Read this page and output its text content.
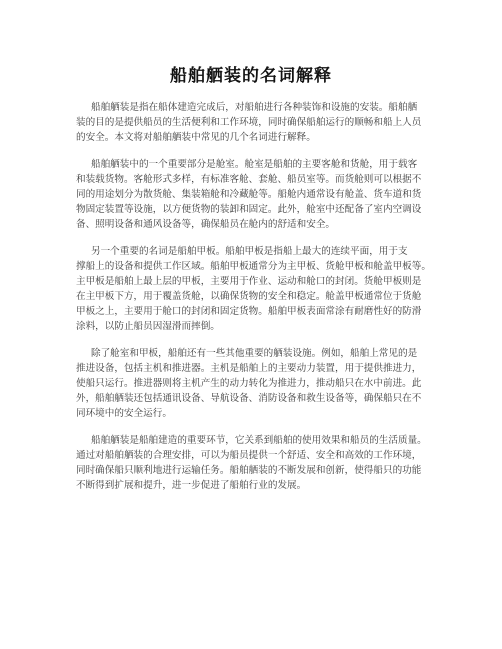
船舶舾装的名词解释

船舶舾装是指在船体建造完成后，对船舶进行各种装饰和设施的安装。船舶舾
装的目的是提供船员的生活便利和工作环境，同时确保船舶运行的顺畅和船上人员
的安全。本文将对船舶舾装中常见的几个名词进行解释。

船舶舾装中的一个重要部分是舱室。舱室是船舶的主要客舱和货舱，用于载客
和装载货物。客舱形式多样，有标准客舱、套舱、船员室等。而货舱则可以根据不
同的用途划分为散货舱、集装箱舱和冷藏舱等。船舱内通常设有舱盖、货车道和货
物固定装置等设施，以方便货物的装卸和固定。此外，舱室中还配备了室内空调设
备、照明设备和通风设备等，确保船员在舱内的舒适和安全。

另一个重要的名词是船舶甲板。船舶甲板是指船上最大的连续平面，用于支
撑船上的设备和提供工作区域。船舶甲板通常分为主甲板、货舱甲板和舱盖甲板等。
主甲板是船舶上最上层的甲板，主要用于作业、运动和舱口的封闭。货舱甲板则是
在主甲板下方，用于覆盖货舱，以确保货物的安全和稳定。舱盖甲板通常位于货舱
甲板之上，主要用于舱口的封闭和固定货物。船舶甲板表面常涂有耐磨性好的防滑
涂料，以防止船员因湿滑而摔倒。

除了舱室和甲板，船舶还有一些其他重要的舾装设施。例如，船舶上常见的是
推进设备，包括主机和推进器。主机是船舶上的主要动力装置，用于提供推进力，
使船只运行。推进器则将主机产生的动力转化为推进力，推动船只在水中前进。此
外，船舶舾装还包括通讯设备、导航设备、消防设备和救生设备等，确保船只在不
同环境中的安全运行。

船舶舾装是船舶建造的重要环节，它关系到船舶的使用效果和船员的生活质量。
通过对船舶舾装的合理安排，可以为船员提供一个舒适、安全和高效的工作环境，
同时确保船只顺利地进行运输任务。船舶舾装的不断发展和创新，使得船只的功能
不断得到扩展和提升，进一步促进了船舶行业的发展。
